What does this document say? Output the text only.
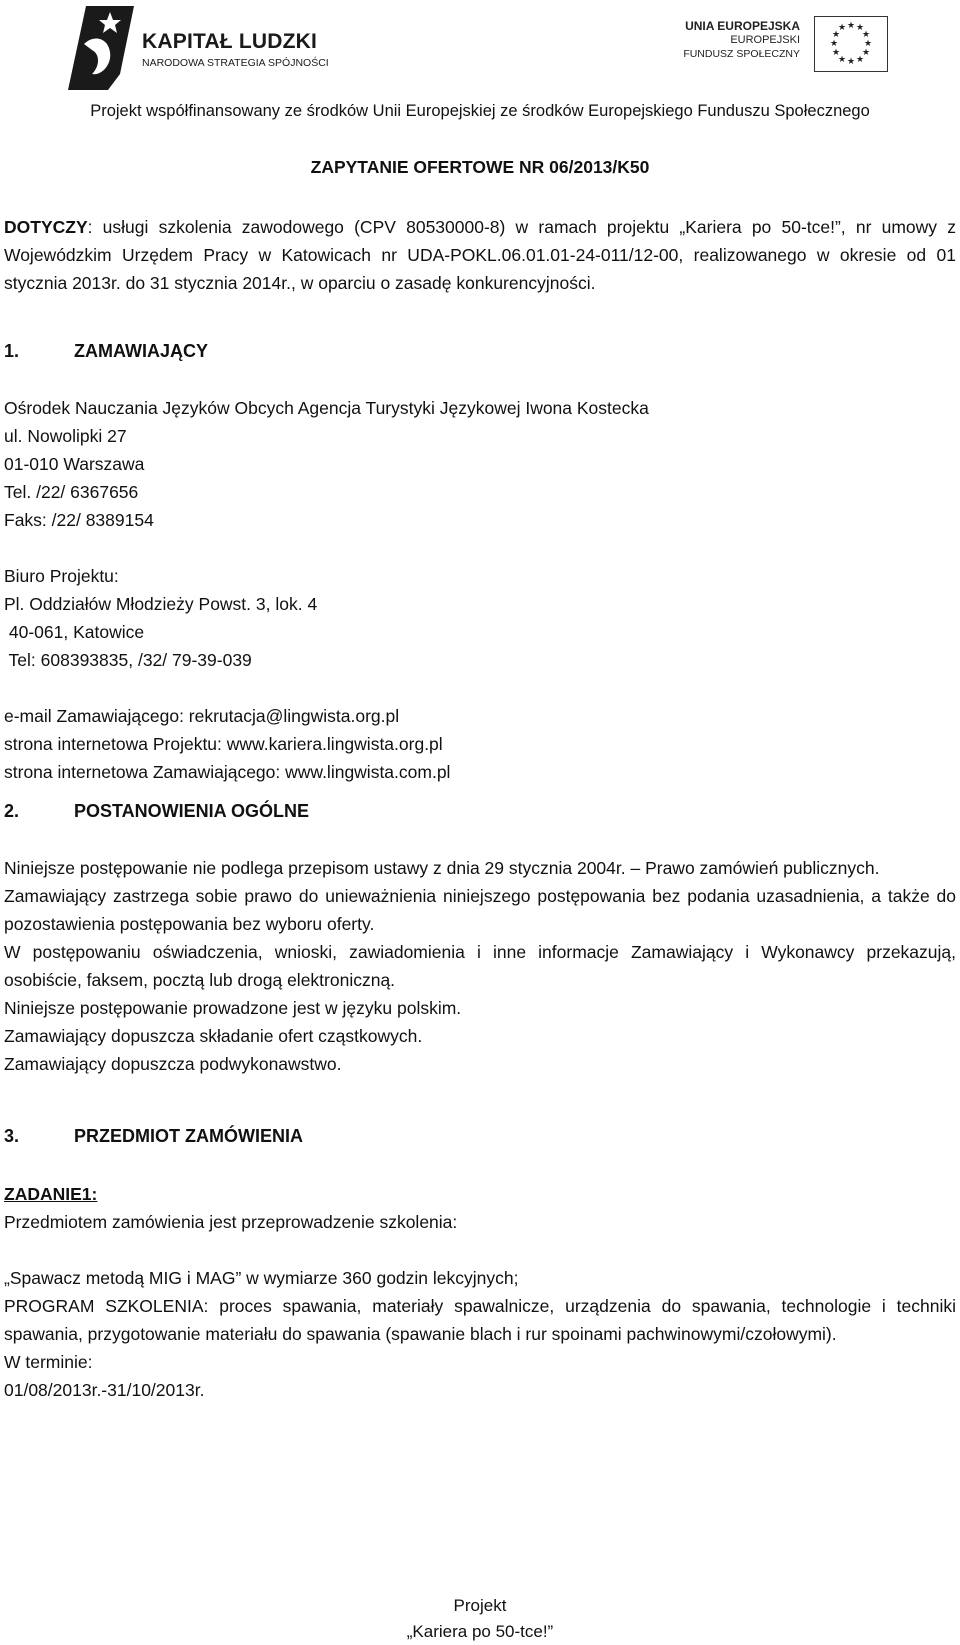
KAPITAŁ LUDZKI
NARODOWA STRATEGIA SPÓJNOŚCI
UNIA EUROPEJSKA
EUROPEJSKI
FUNDUSZ SPOŁECZNY
★ ★
★
★
★
★
★
★
★
★
★
★
Projekt współfinansowany ze środków Unii Europejskiej ze środków Europejskiego Funduszu Społecznego
ZAPYTANIE OFERTOWE NR 06/2013/K50
DOTYCZY: usługi szkolenia zawodowego (CPV 80530000-8) w ramach projektu „Kariera po 50-tce!”, nr umowy z Wojewódzkim Urzędem Pracy w Katowicach nr UDA-POKL.06.01.01-24-011/12-00, realizowanego w okresie od 01 stycznia 2013r. do 31 stycznia 2014r., w oparciu o zasadę konkurencyjności.
1.	ZAMAWIAJĄCY
Ośrodek Nauczania Języków Obcych Agencja Turystyki Językowej Iwona Kostecka
ul. Nowolipki 27
01-010 Warszawa
Tel. /22/ 6367656
Faks: /22/ 8389154
Biuro Projektu:
Pl. Oddziałów Młodzieży Powst. 3, lok. 4
40-061, Katowice
Tel: 608393835, /32/ 79-39-039
e-mail Zamawiającego: rekrutacja@lingwista.org.pl
strona internetowa Projektu: www.kariera.lingwista.org.pl
strona internetowa Zamawiającego: www.lingwista.com.pl
2.	POSTANOWIENIA OGÓLNE
Niniejsze postępowanie nie podlega przepisom ustawy z dnia 29 stycznia 2004r. – Prawo zamówień publicznych.
Zamawiający zastrzega sobie prawo do unieważnienia niniejszego postępowania bez podania uzasadnienia, a także do pozostawienia postępowania bez wyboru oferty.
W postępowaniu oświadczenia, wnioski, zawiadomienia i inne informacje Zamawiający i Wykonawcy przekazują, osobiście, faksem, pocztą lub drogą elektroniczną.
Niniejsze postępowanie prowadzone jest w języku polskim.
Zamawiający dopuszcza składanie ofert cząstkowych.
Zamawiający dopuszcza podwykonawstwo.
3.	PRZEDMIOT ZAMÓWIENIA
ZADANIE1:
Przedmiotem zamówienia jest przeprowadzenie szkolenia:
„Spawacz metodą MIG i MAG” w wymiarze 360 godzin lekcyjnych;
PROGRAM SZKOLENIA: proces spawania, materiały spawalnicze, urządzenia do spawania, technologie i techniki spawania, przygotowanie materiału do spawania (spawanie blach i rur spoinami pachwinowymi/czołowymi).
W terminie:
01/08/2013r.-31/10/2013r.
Projekt
„Kariera po 50-tce!”
